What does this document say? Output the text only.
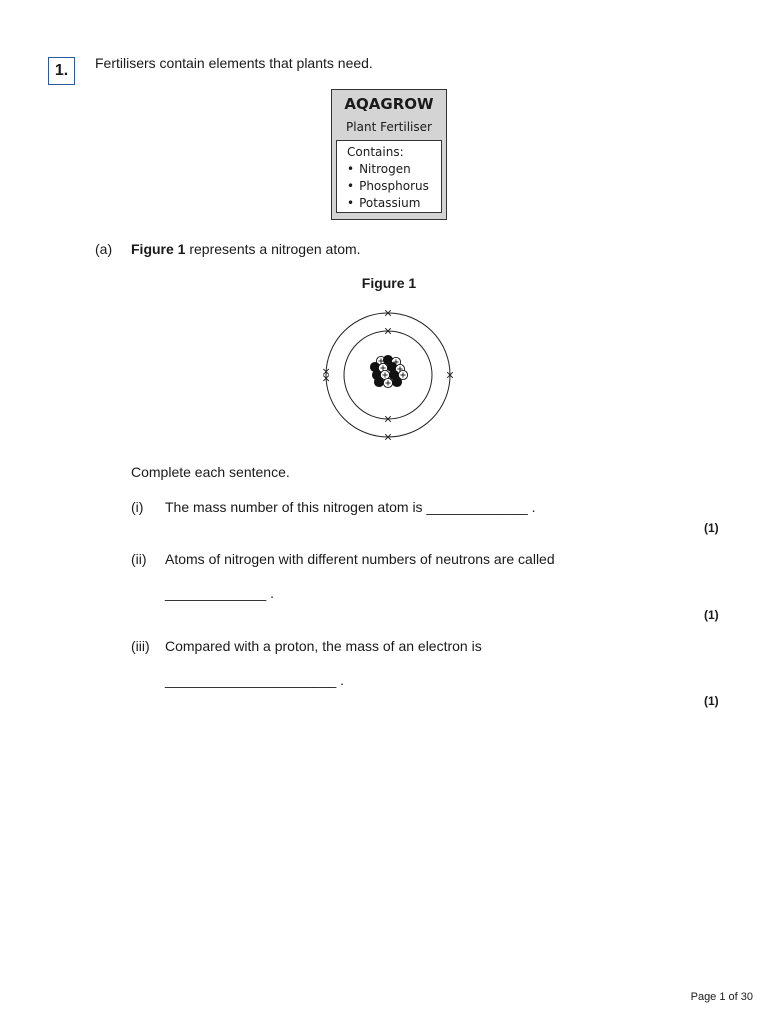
1.	Fertilisers contain elements that plants need.
AQAGROW
Plant Fertiliser
Contains:
• Nitrogen
• Phosphorus
• Potassium
(a) Figure 1 represents a nitrogen atom.
Figure 1
Complete each sentence.
(i) The mass number of this nitrogen atom is _____________ .
(1)
(ii) Atoms of nitrogen with different numbers of neutrons are called
_____________ .
(1)
(iii) Compared with a proton, the mass of an electron is
______________________ .
(1)
Page 1 of 30
